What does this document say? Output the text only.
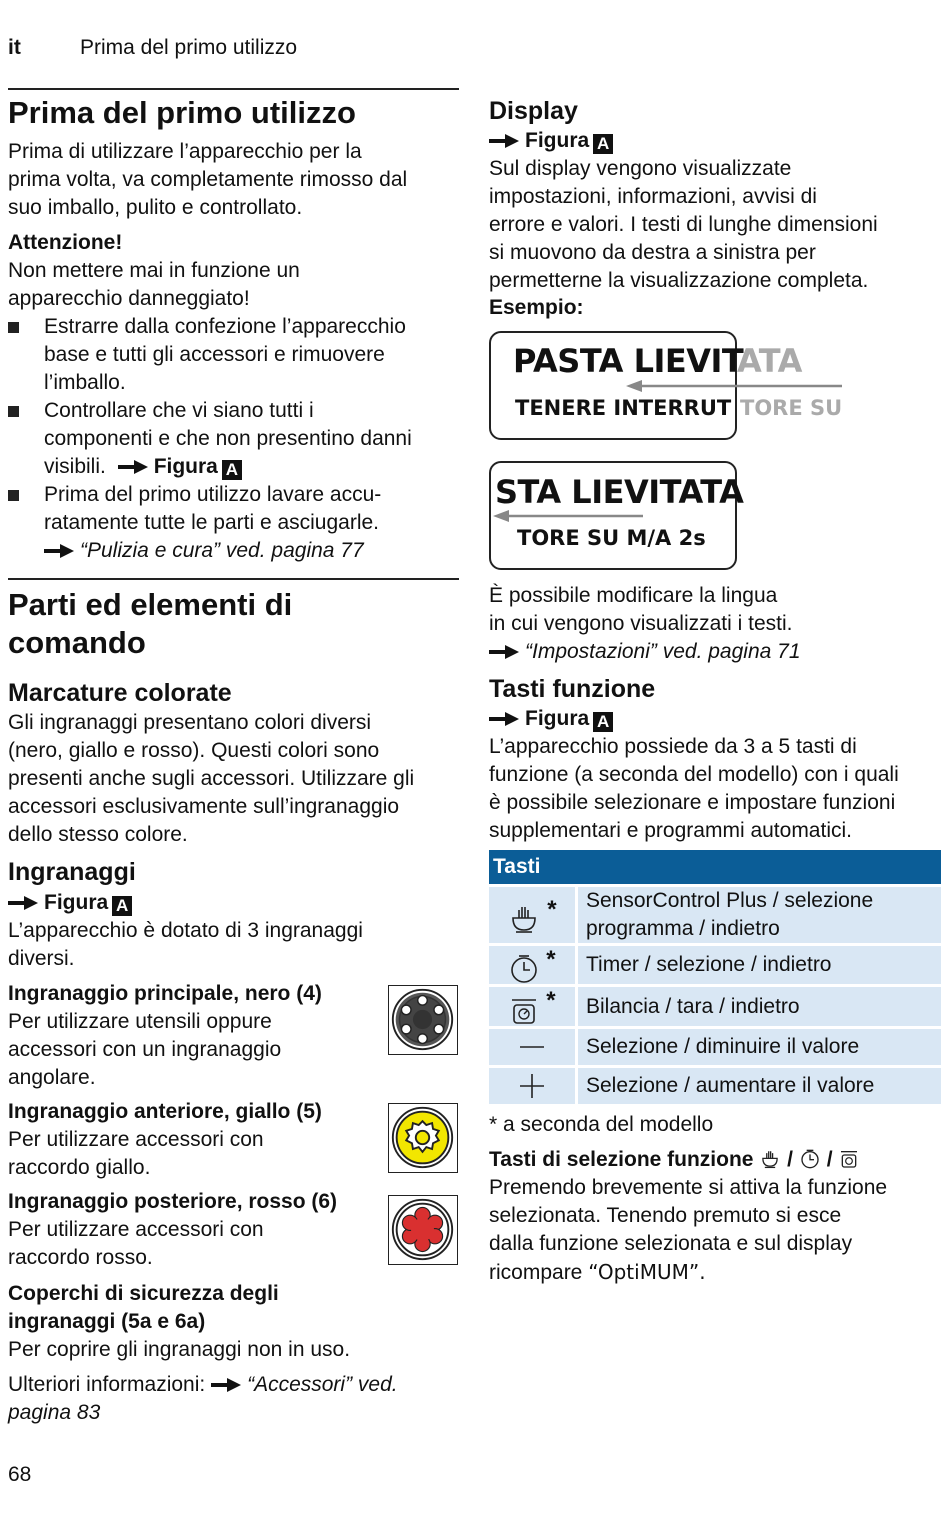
it	Prima del primo utilizzo
Prima del primo utilizzo
Prima di utilizzare l’apparecchio per la
prima volta, va completamente rimosso dal
suo imballo, pulito e controllato.
Attenzione!
Non mettere mai in funzione un
apparecchio danneggiato!
Estrarre dalla confezione l’apparecchio
base e tutti gli accessori e rimuovere
l’imballo.
Controllare che vi siano tutti i
componenti e che non presentino danni
visibili. Figura A
Prima del primo utilizzo lavare accu-
ratamente tutte le parti e asciugarle.
“Pulizia e cura” ved. pagina 77
Parti ed elementi di
comando
Marcature colorate
Gli ingranaggi presentano colori diversi
(nero, giallo e rosso). Questi colori sono
presenti anche sugli accessori. Utilizzare gli
accessori esclusivamente sull’ingranaggio
dello stesso colore.
Ingranaggi
Figura A
L’apparecchio è dotato di 3 ingranaggi
diversi.
Ingranaggio principale, nero (4)
Per utilizzare utensili oppure
accessori con un ingranaggio
angolare.
Ingranaggio anteriore, giallo (5)
Per utilizzare accessori con
raccordo giallo.
Ingranaggio posteriore, rosso (6)
Per utilizzare accessori con
raccordo rosso.
Coperchi di sicurezza degli
ingranaggi (5a e 6a)
Per coprire gli ingranaggi non in uso.
Ulteriori informazioni: “Accessori” ved.
pagina 83
Display
Figura A
Sul display vengono visualizzate
impostazioni, informazioni, avvisi di
errore e valori. I testi di lunghe dimensioni
si muovono da destra a sinistra per
permetterne la visualizzazione completa.
Esempio:
PASTA LIEVIT
ATA
TENERE INTERRUT TORE SU
STA LIEVITATA
TORE SU M/A 2s
È possibile modificare la lingua
in cui vengono visualizzati i testi.
“Impostazioni” ved. pagina 71
Tasti funzione
Figura A
L’apparecchio possiede da 3 a 5 tasti di
funzione (a seconda del modello) con i quali
è possibile selezionare e impostare funzioni
supplementari e programmi automatici.
Tasti	
*	SensorControl Plus / selezione
programma / indietro

*	Timer / selezione / indietro
*	Bilancia / tara / indietro
	Selezione / diminuire il valore
	Selezione / aumentare il valore
* a seconda del modello
Tasti di selezione funzione / /
Premendo brevemente si attiva la funzione
selezionata. Tenendo premuto si esce
dalla funzione selezionata e sul display
ricompare “OptiMUM”.
68
